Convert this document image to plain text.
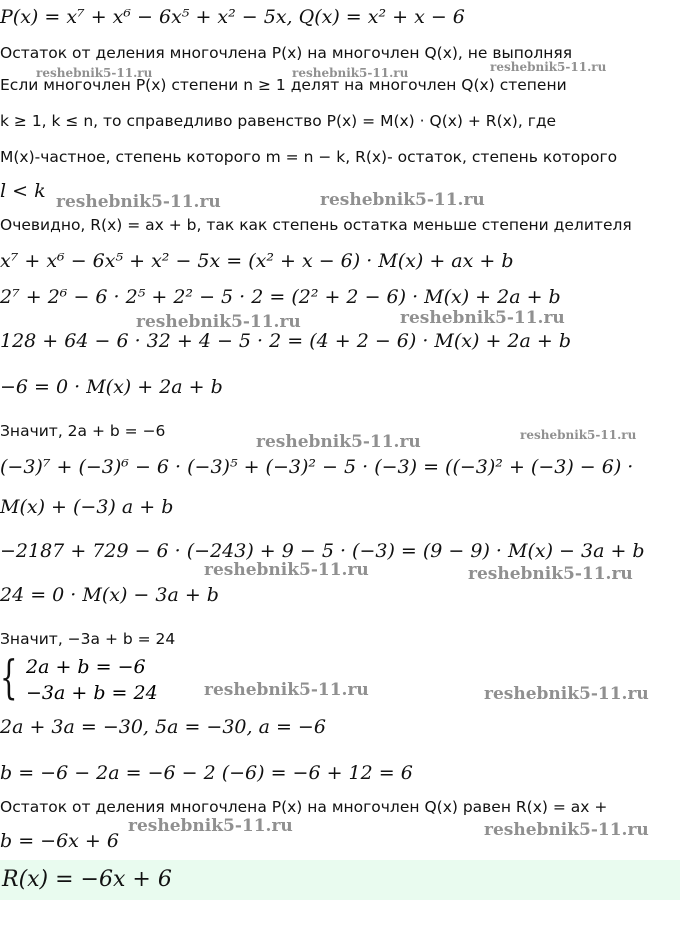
P(x) = x⁷ + x⁶ − 6x⁵ + x² − 5x, Q(x) = x² + x − 6
Остаток от деления многочлена P(x) на многочлен Q(x), не выполняя
Если многочлен P(x) степени n ≥ 1 делят на многочлен Q(x) степени
k ≥ 1, k ≤ n, то справедливо равенство P(x) = M(x) · Q(x) + R(x), где
M(x)-частное, степень которого m = n − k, R(x)- остаток, степень которого
l < k
Очевидно, R(x) = ax + b, так как степень остатка меньше степени делителя
x⁷ + x⁶ − 6x⁵ + x² − 5x = (x² + x − 6) · M(x) + ax + b
2⁷ + 2⁶ − 6 · 2⁵ + 2² − 5 · 2 = (2² + 2 − 6) · M(x) + 2a + b
128 + 64 − 6 · 32 + 4 − 5 · 2 = (4 + 2 − 6) · M(x) + 2a + b
−6 = 0 · M(x) + 2a + b
Значит, 2a + b = −6
(−3)⁷ + (−3)⁶ − 6 · (−3)⁵ + (−3)² − 5 · (−3) = ((−3)² + (−3) − 6) ·
M(x) + (−3) a + b
−2187 + 729 − 6 · (−243) + 9 − 5 · (−3) = (9 − 9) · M(x) − 3a + b
24 = 0 · M(x) − 3a + b
Значит, −3a + b = 24
{ 2a + b = −6
−3a + b = 24
2a + 3a = −30, 5a = −30, a = −6
b = −6 − 2a = −6 − 2 (−6) = −6 + 12 = 6
Остаток от деления многочлена P(x) на многочлен Q(x) равен R(x) = ax +
b = −6x + 6
R(x) = −6x + 6
reshebnik5-11.ru	reshebnik5-11.ru	reshebnik5-11.ru
reshebnik5-11.ru	reshebnik5-11.ru
reshebnik5-11.ru	reshebnik5-11.ru
reshebnik5-11.ru	reshebnik5-11.ru
reshebnik5-11.ru	reshebnik5-11.ru
reshebnik5-11.ru	reshebnik5-11.ru
reshebnik5-11.ru	reshebnik5-11.ru
